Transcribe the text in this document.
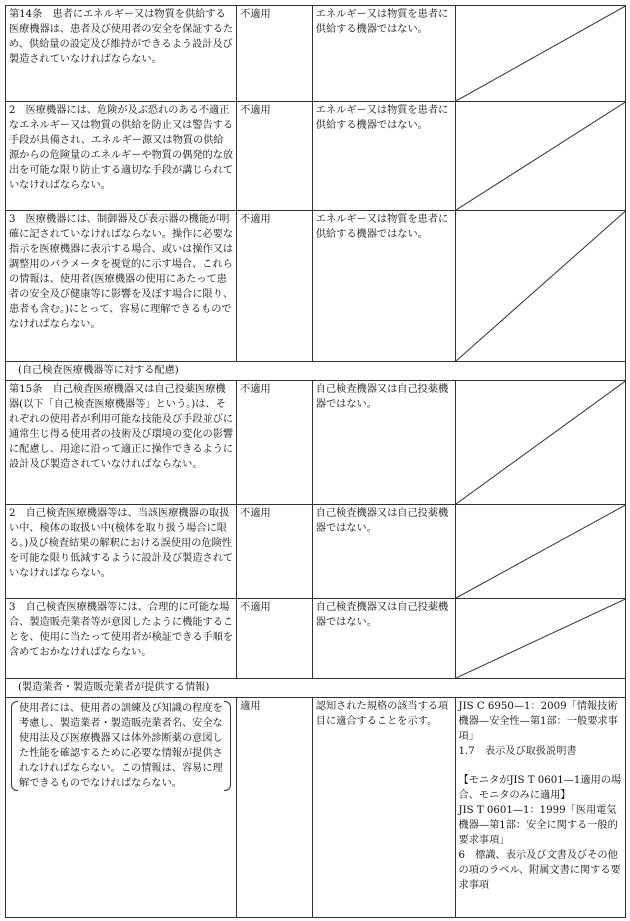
第14条　患者にエネルギー又は物質を供給する医療機器は、患者及び使用者の安全を保証するため、供給量の設定及び維持ができるよう設計及び製造されていなければならない。	不適用	エネルギー又は物質を患者に供給する機器ではない。	

2　医療機器には、危険が及ぶ恐れのある不適正なエネルギー又は物質の供給を防止又は警告する手段が具備され、エネルギー源又は物質の供給源からの危険量のエネルギーや物質の偶発的な放出を可能な限り防止する適切な手段が講じられていなければならない。	不適用	エネルギー又は物質を患者に供給する機器ではない。	

3　医療機器には、制御器及び表示器の機能が明確に記されていなければならない。操作に必要な指示を医療機器に表示する場合、或いは操作又は調整用のパラメータを視覚的に示す場合、これらの情報は、使用者(医療機器の使用にあたって患者の安全及び健康等に影響を及ぼす場合に限り、患者も含む。)にとって、容易に理解できるものでなければならない。	不適用	エネルギー又は物質を患者に供給する機器ではない。	

(自己検査医療機器等に対する配慮)			
第15条　自己検査医療機器又は自己投薬医療機器(以下「自己検査医療機器等」という。)は、それぞれの使用者が利用可能な技能及び手段並びに通常生じ得る使用者の技術及び環境の変化の影響に配慮し、用途に沿って適正に操作できるように設計及び製造されていなければならない。	不適用	自己検査機器又は自己投薬機器ではない。	

2　自己検査医療機器等は、当該医療機器の取扱い中、検体の取扱い中(検体を取り扱う場合に限る。)及び検査結果の解釈における誤使用の危険性を可能な限り低減するように設計及び製造されていなければならない。	不適用	自己検査機器又は自己投薬機器ではない。	

3　自己検査医療機器等には、合理的に可能な場合、製造販売業者等が意図したように機能することを、使用に当たって使用者が検証できる手順を含めておかなければならない。	不適用	自己検査機器又は自己投薬機器ではない。	

(製造業者・製造販売業者が提供する情報)			

使用者には、使用者の訓練及び知識の程度を考慮し、製造業者・製造販売業者名、安全な使用法及び医療機器又は体外診断薬の意図した性能を確認するために必要な情報が提供されなければならない。この情報は、容易に理解できるものでなければならない。	適用	認知された規格の該当する項目に適合することを示す。	JIS C 6950—1：2009「情報技術機器—安全性—第1部：一般要求事項」
1.7　表示及び取扱説明書
【モニタがJIS T 0601—1適用の場合、モニタのみに適用】
JIS T 0601—1：1999「医用電気機器—第1部：安全に関する一般的要求事項」
6　標識、表示及び文書及びその他の項のラベル、附属文書に関する要求事項
